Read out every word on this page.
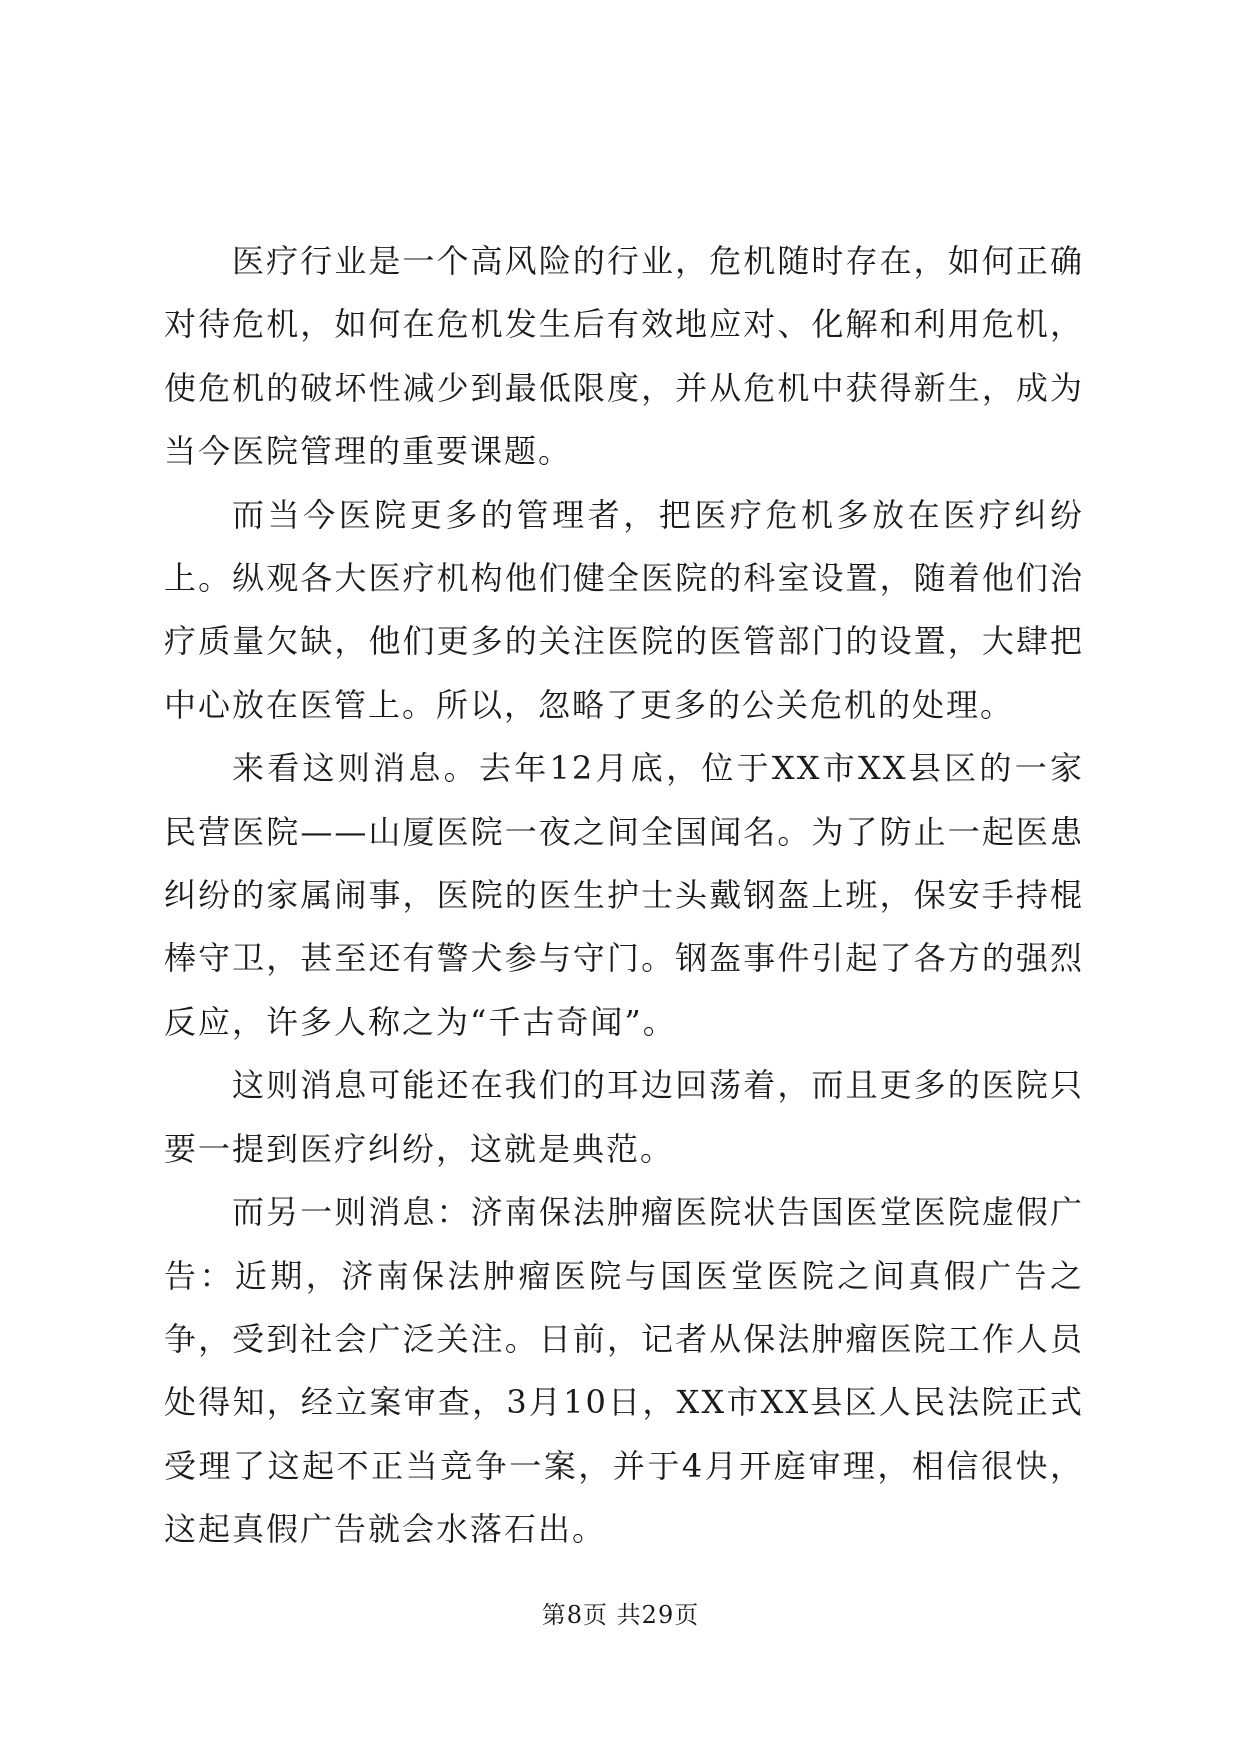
医疗行业是一个高风险的行业，危机随时存在，如何正确对待危机，如何在危机发生后有效地应对、化解和利用危机，使危机的破坏性减少到最低限度，并从危机中获得新生，成为当今医院管理的重要课题。

而当今医院更多的管理者，把医疗危机多放在医疗纠纷上。纵观各大医疗机构他们健全医院的科室设置，随着他们治疗质量欠缺，他们更多的关注医院的医管部门的设置，大肆把中心放在医管上。所以，忽略了更多的公关危机的处理。

来看这则消息。去年12月底，位于XX市XX县区的一家民营医院——山厦医院一夜之间全国闻名。为了防止一起医患纠纷的家属闹事，医院的医生护士头戴钢盔上班，保安手持棍棒守卫，甚至还有警犬参与守门。钢盔事件引起了各方的强烈反应，许多人称之为“千古奇闻”。

这则消息可能还在我们的耳边回荡着，而且更多的医院只要一提到医疗纠纷，这就是典范。

而另一则消息：济南保法肿瘤医院状告国医堂医院虚假广告：近期，济南保法肿瘤医院与国医堂医院之间真假广告之争，受到社会广泛关注。日前，记者从保法肿瘤医院工作人员处得知，经立案审查，3月10日，XX市XX县区人民法院正式受理了这起不正当竞争一案，并于4月开庭审理，相信很快，这起真假广告就会水落石出。

第8页 共29页
